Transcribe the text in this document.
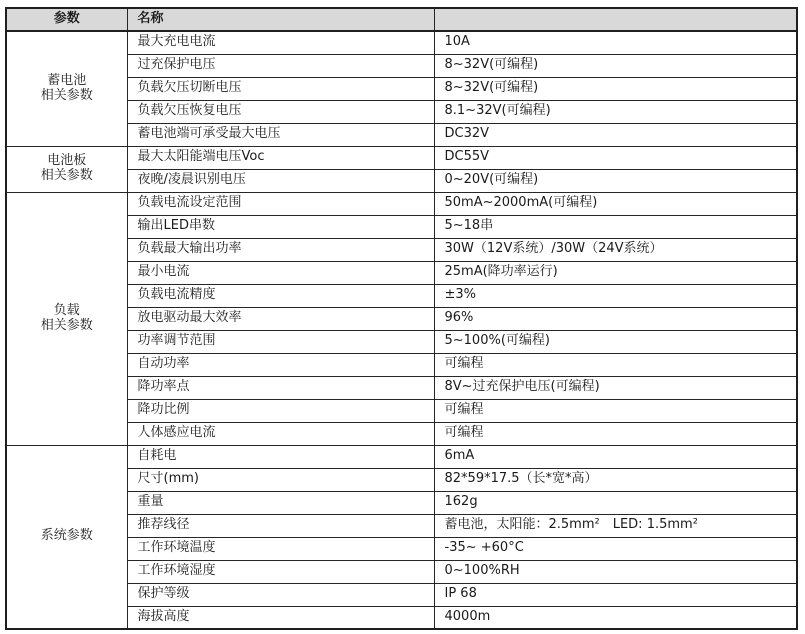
参数	名称	

蓄电池
相关参数	最大充电电流	10A
	过充保护电压	8~32V(可编程)
	负载欠压切断电压	8~32V(可编程)
	负载欠压恢复电压	8.1~32V(可编程)
	蓄电池端可承受最大电压	DC32V

电池板
相关参数	最大太阳能端电压Voc	DC55V
	夜晚/凌晨识别电压	0~20V(可编程)

负载
相关参数	负载电流设定范围	50mA~2000mA(可编程)
	输出LED串数	5~18串
	负载最大输出功率	30W（12V系统）/30W（24V系统）
	最小电流	25mA(降功率运行)
	负载电流精度	±3%
	放电驱动最大效率	96%
	功率调节范围	5~100%(可编程)
	自动功率	可编程
	降功率点	8V~过充保护电压(可编程)
	降功比例	可编程
	人体感应电流	可编程

系统参数	自耗电	6mA
	尺寸(mm)	82*59*17.5（长*宽*高）
	重量	162g
	推荐线径	蓄电池，太阳能：2.5mm²　LED: 1.5mm²
	工作环境温度	-35~ +60°C
	工作环境湿度	0~100%RH
	保护等级	IP 68
	海拔高度	4000m
